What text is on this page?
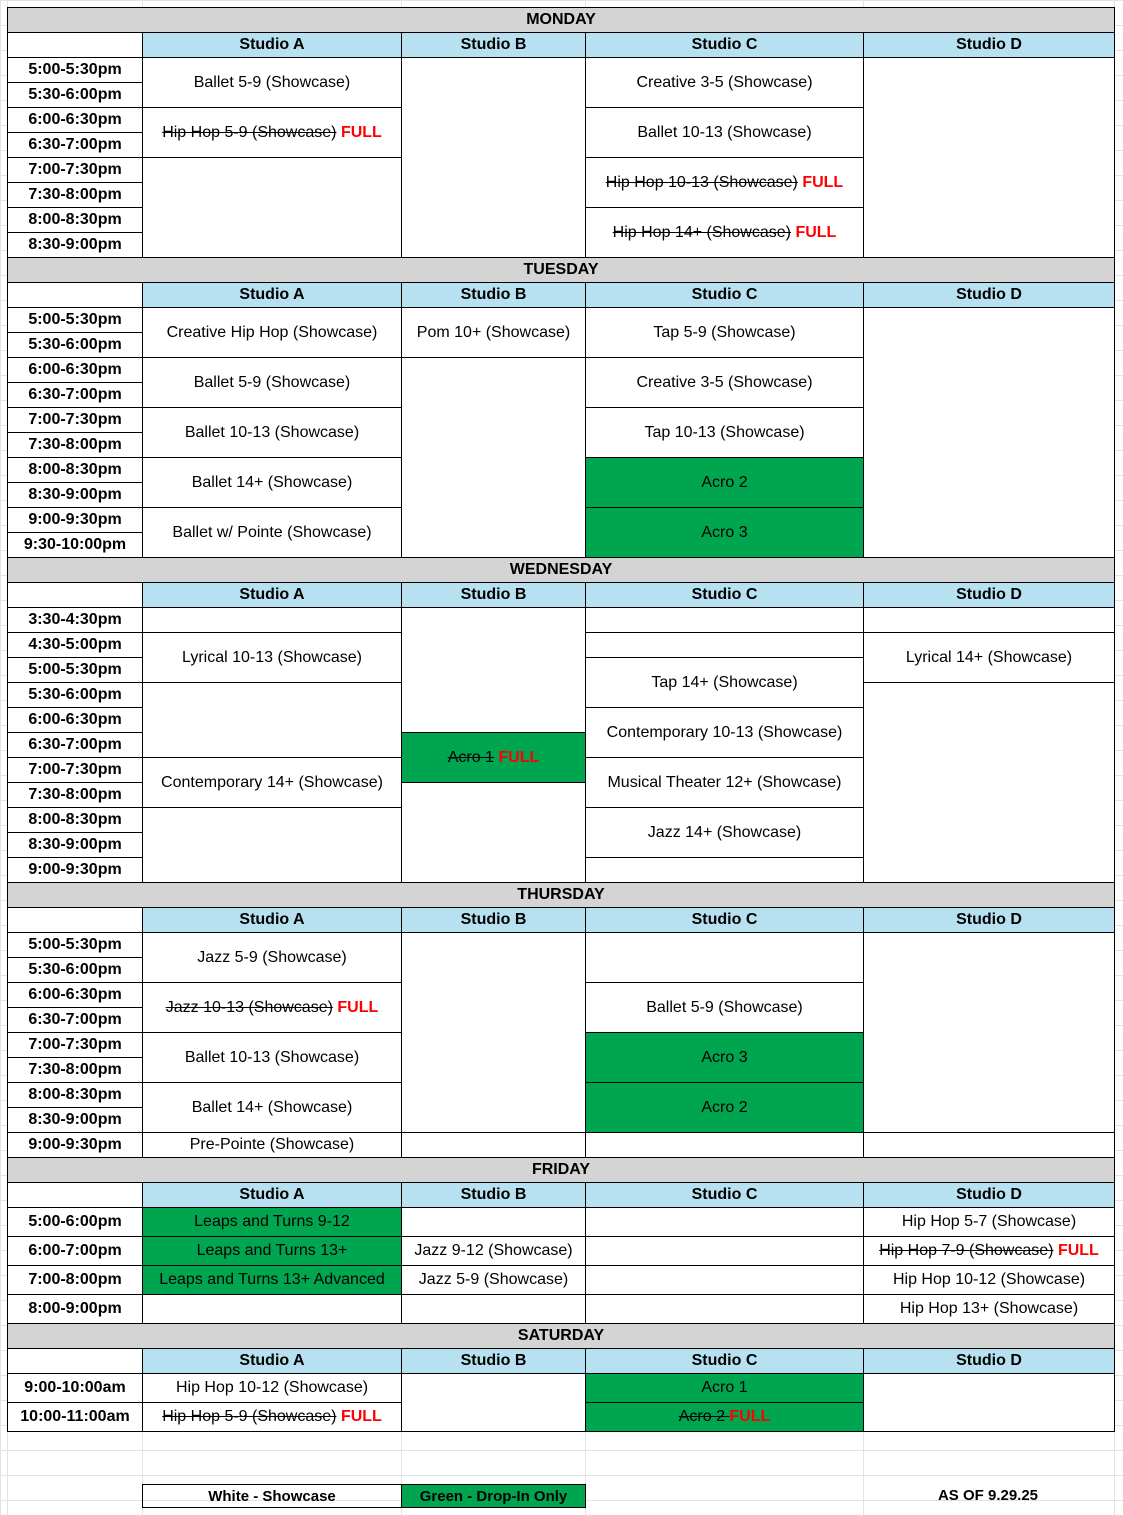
MONDAY				
	Studio A	Studio B	Studio C	Studio D
5:00-5:30pm	Ballet 5-9 (Showcase)		Creative 3-5 (Showcase)	
5:30-6:00pm				
6:00-6:30pm	Hip Hop 5-9 (Showcase) FULL		Ballet 10-13 (Showcase)	
6:30-7:00pm				
7:00-7:30pm			Hip Hop 10-13 (Showcase) FULL	
7:30-8:00pm				
8:00-8:30pm			Hip Hop 14+ (Showcase) FULL	
8:30-9:00pm				
TUESDAY				
	Studio A	Studio B	Studio C	Studio D
5:00-5:30pm	Creative Hip Hop (Showcase)	Pom 10+ (Showcase)	Tap 5-9 (Showcase)	
5:30-6:00pm				
6:00-6:30pm	Ballet 5-9 (Showcase)		Creative 3-5 (Showcase)	
6:30-7:00pm				
7:00-7:30pm	Ballet 10-13 (Showcase)		Tap 10-13 (Showcase)	
7:30-8:00pm				
8:00-8:30pm	Ballet 14+ (Showcase)		Acro 2	
8:30-9:00pm				
9:00-9:30pm	Ballet w/ Pointe (Showcase)		Acro 3	
9:30-10:00pm				
WEDNESDAY				
	Studio A	Studio B	Studio C	Studio D
3:30-4:30pm				
4:30-5:00pm	Lyrical 10-13 (Showcase)			Lyrical 14+ (Showcase)
5:00-5:30pm			Tap 14+ (Showcase)	
5:30-6:00pm				
6:00-6:30pm			Contemporary 10-13 (Showcase)	
6:30-7:00pm		Acro 1 FULL		
7:00-7:30pm	Contemporary 14+ (Showcase)		Musical Theater 12+ (Showcase)	
7:30-8:00pm				
8:00-8:30pm			Jazz 14+ (Showcase)	
8:30-9:00pm				
9:00-9:30pm				
THURSDAY				
	Studio A	Studio B	Studio C	Studio D
5:00-5:30pm	Jazz 5-9 (Showcase)			
5:30-6:00pm				
6:00-6:30pm	Jazz 10-13 (Showcase) FULL		Ballet 5-9 (Showcase)	
6:30-7:00pm				
7:00-7:30pm	Ballet 10-13 (Showcase)		Acro 3	
7:30-8:00pm				
8:00-8:30pm	Ballet 14+ (Showcase)		Acro 2	
8:30-9:00pm				
9:00-9:30pm	Pre-Pointe (Showcase)			
FRIDAY				
	Studio A	Studio B	Studio C	Studio D
5:00-6:00pm	Leaps and Turns 9-12			Hip Hop 5-7 (Showcase)
6:00-7:00pm	Leaps and Turns 13+	Jazz 9-12 (Showcase)		Hip Hop 7-9 (Showcase) FULL
7:00-8:00pm	Leaps and Turns 13+ Advanced	Jazz 5-9 (Showcase)		Hip Hop 10-12 (Showcase)
8:00-9:00pm				Hip Hop 13+ (Showcase)
SATURDAY				
	Studio A	Studio B	Studio C	Studio D
9:00-10:00am	Hip Hop 10-12 (Showcase)		Acro 1	
10:00-11:00am	Hip Hop 5-9 (Showcase) FULL		Acro 2 FULL	
White - Showcase	Green - Drop-In Only	AS OF 9.29.25
